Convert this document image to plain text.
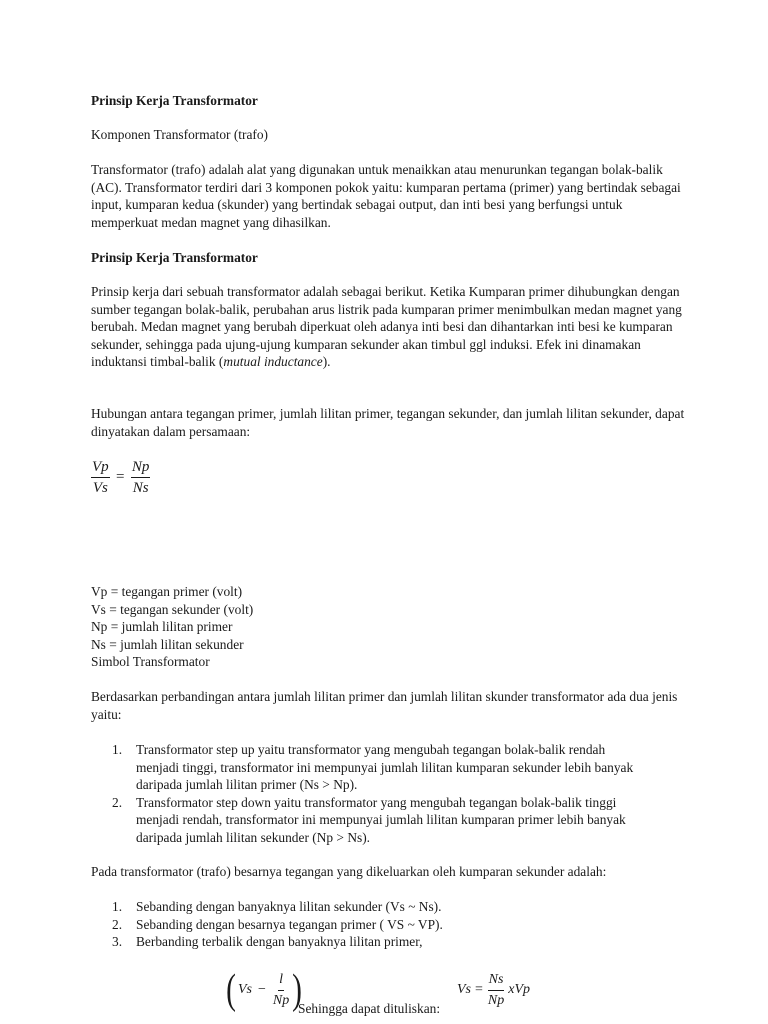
Prinsip Kerja Transformator
Komponen Transformator (trafo)
Transformator (trafo) adalah alat yang digunakan untuk menaikkan atau menurunkan tegangan bolak-balik (AC). Transformator terdiri dari 3 komponen pokok yaitu: kumparan pertama (primer) yang bertindak sebagai input, kumparan kedua (skunder) yang bertindak sebagai output, dan inti besi yang berfungsi untuk memperkuat medan magnet yang dihasilkan.
Prinsip Kerja Transformator
Prinsip kerja dari sebuah transformator adalah sebagai berikut. Ketika Kumparan primer dihubungkan dengan sumber tegangan bolak-balik, perubahan arus listrik pada kumparan primer menimbulkan medan magnet yang berubah. Medan magnet yang berubah diperkuat oleh adanya inti besi dan dihantarkan inti besi ke kumparan sekunder, sehingga pada ujung-ujung kumparan sekunder akan timbul ggl induksi. Efek ini dinamakan induktansi timbal-balik (mutual inductance).
Hubungan antara tegangan primer, jumlah lilitan primer, tegangan sekunder, dan jumlah lilitan sekunder, dapat dinyatakan dalam persamaan:
$\frac{Vp}{Vs} = \frac{Np}{Ns}$
Vp = tegangan primer (volt)
Vs = tegangan sekunder (volt)
Np = jumlah lilitan primer
Ns = jumlah lilitan sekunder
Simbol Transformator
Berdasarkan perbandingan antara jumlah lilitan primer dan jumlah lilitan skunder transformator ada dua jenis yaitu:
1. Transformator step up yaitu transformator yang mengubah tegangan bolak-balik rendah menjadi tinggi, transformator ini mempunyai jumlah lilitan kumparan sekunder lebih banyak daripada jumlah lilitan primer (Ns > Np).
2. Transformator step down yaitu transformator yang mengubah tegangan bolak-balik tinggi menjadi rendah, transformator ini mempunyai jumlah lilitan kumparan primer lebih banyak daripada jumlah lilitan sekunder (Np > Ns).
Pada transformator (trafo) besarnya tegangan yang dikeluarkan oleh kumparan sekunder adalah:
1. Sebanding dengan banyaknya lilitan sekunder (Vs ~ Ns).
2. Sebanding dengan besarnya tegangan primer ( VS ~ VP).
3. Berbanding terbalik dengan banyaknya lilitan primer,
( $Vs - \frac{l}{Np}$ )
Sehingga dapat dituliskan:
$Vs = \frac{Ns}{Np}$ xVp
